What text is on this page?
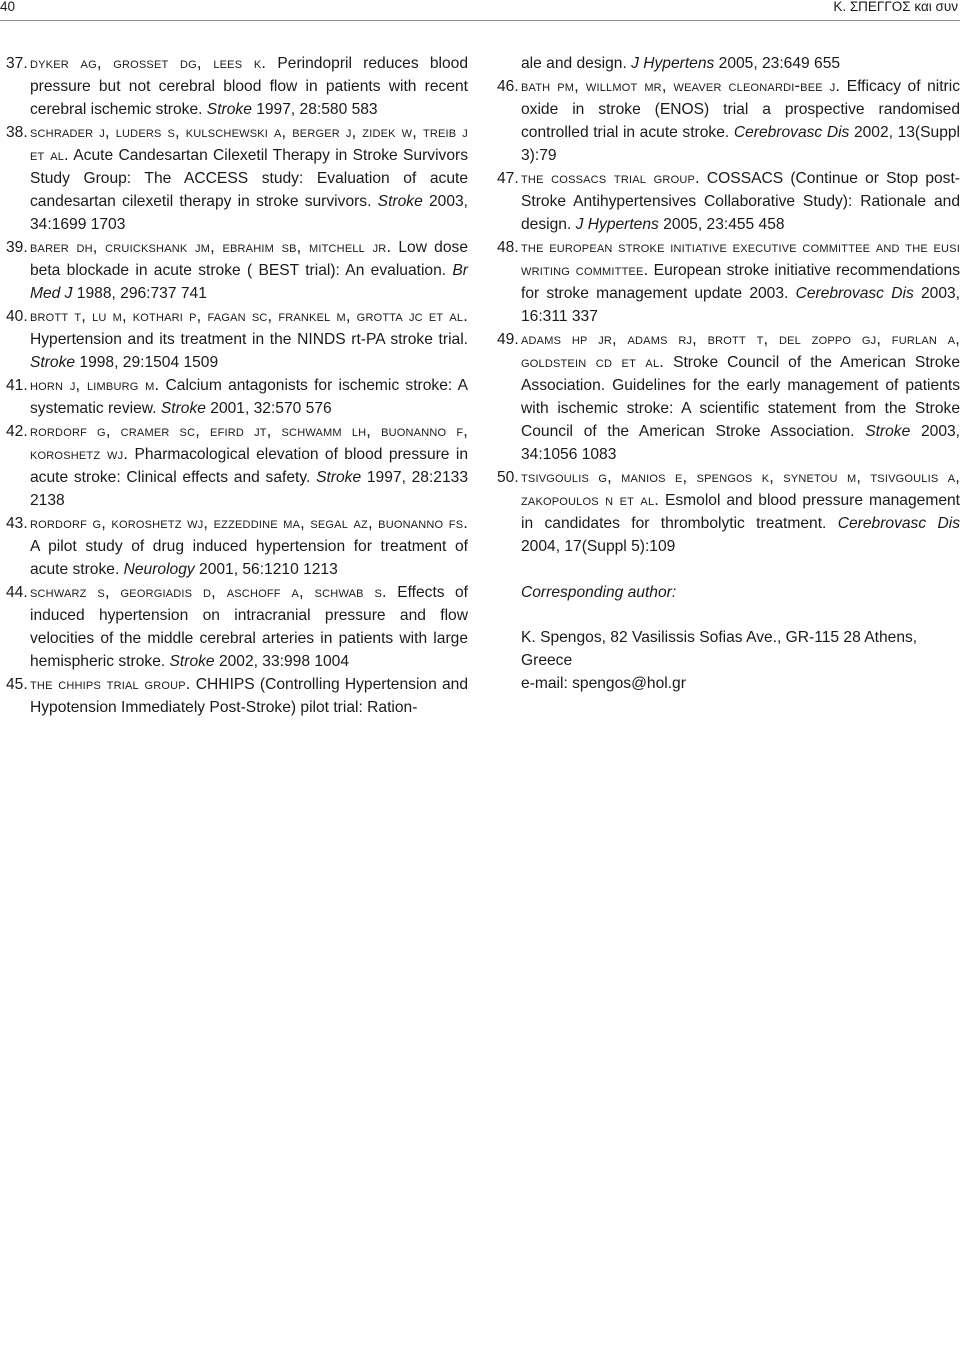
40	Κ. ΣΠΕΓΓΟΣ και συν
37. dyker ag, grosset dg, lees k. Perindopril reduces blood pressure but not cerebral blood flow in patients with recent cerebral ischemic stroke. Stroke 1997, 28:580 583
38. schrader j, luders s, kulschewski a, berger j, zidek w, treib j et al. Acute Candesartan Cilexetil Therapy in Stroke Survivors Study Group: The ACCESS study: Evaluation of acute candesartan cilexetil therapy in stroke survivors. Stroke 2003, 34:1699 1703
39. barer dh, cruickshank jm, ebrahim sb, mitchell jr. Low dose beta blockade in acute stroke ( BEST trial): An evaluation. Br Med J 1988, 296:737 741
40. brott t, lu m, kothari p, fagan sc, frankel m, grotta jc et al. Hypertension and its treatment in the NINDS rt-PA stroke trial. Stroke 1998, 29:1504 1509
41. horn j, limburg m. Calcium antagonists for ischemic stroke: A systematic review. Stroke 2001, 32:570 576
42. rordorf g, cramer sc, efird jt, schwamm lh, buonanno f, koroshetz wj. Pharmacological elevation of blood pressure in acute stroke: Clinical effects and safety. Stroke 1997, 28:2133 2138
43. rordorf g, koroshetz wj, ezzeddine ma, segal az, buonanno fs. A pilot study of drug induced hypertension for treatment of acute stroke. Neurology 2001, 56:1210 1213
44. schwarz s, georgiadis d, aschoff a, schwab s. Effects of induced hypertension on intracranial pressure and flow velocities of the middle cerebral arteries in patients with large hemispheric stroke. Stroke 2002, 33:998 1004
45. the chhips trial group. CHHIPS (Controlling Hypertension and Hypotension Immediately Post-Stroke) pilot trial: Ration-
ale and design. J Hypertens 2005, 23:649 655
46. bath pm, willmot mr, weaver cleonardi-bee j. Efficacy of nitric oxide in stroke (ENOS) trial a prospective randomised controlled trial in acute stroke. Cerebrovasc Dis 2002, 13(Suppl 3):79
47. the cossacs trial group. COSSACS (Continue or Stop post-Stroke Antihypertensives Collaborative Study): Rationale and design. J Hypertens 2005, 23:455 458
48. the european stroke initiative executive committee and the eusi writing committee. European stroke initiative recommendations for stroke management update 2003. Cerebrovasc Dis 2003, 16:311 337
49. adams hp jr, adams rj, brott t, del zoppo gj, furlan a, goldstein cd et al. Stroke Council of the American Stroke Association. Guidelines for the early management of patients with ischemic stroke: A scientific statement from the Stroke Council of the American Stroke Association. Stroke 2003, 34:1056 1083
50. tsivgoulis g, manios e, spengos k, synetou m, tsivgoulis a, zakopoulos n et al. Esmolol and blood pressure management in candidates for thrombolytic treatment. Cerebrovasc Dis 2004, 17(Suppl 5):109
Corresponding author:
K. Spengos, 82 Vasilissis Sofias Ave., GR-115 28 Athens, Greece
e-mail: spengos@hol.gr
